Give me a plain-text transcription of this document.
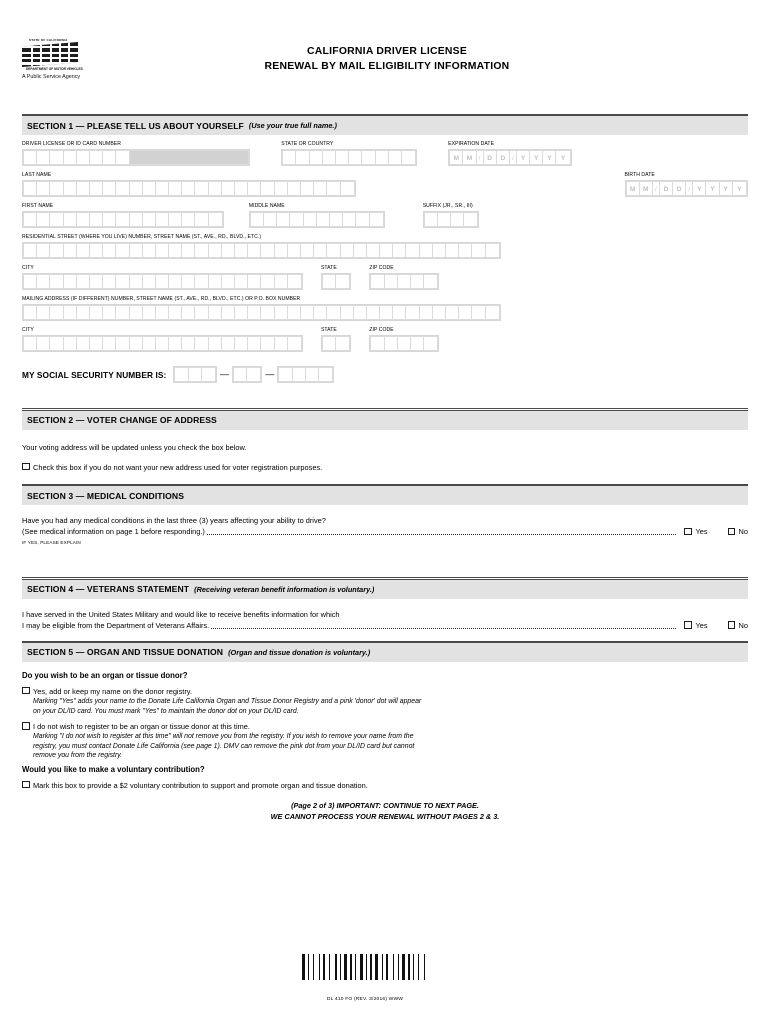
STATE OF CALIFORNIA
DEPARTMENT OF MOTOR VEHICLES
A Public Service Agency
CALIFORNIA DRIVER LICENSE
RENEWAL BY MAIL ELIGIBILITY INFORMATION
SECTION 1 — PLEASE TELL US ABOUT YOURSELF (Use your true full name.)
DRIVER LICENSE OR ID CARD NUMBER	STATE OR COUNTRY	EXPIRATION DATE
M	M /	D	D	/	Y	Y	Y	Y
LAST NAME	BIRTH DATE
M	M /	D	D	/	Y	Y	Y	Y
FIRST NAME	MIDDLE NAME	SUFFIX (JR., SR., III)
RESIDENTIAL STREET (WHERE YOU LIVE) NUMBER, STREET NAME (ST., AVE., RD., BLVD., ETC.)
CITY	STATE	ZIP CODE
MAILING ADDRESS (IF DIFFERENT) NUMBER, STREET NAME (ST., AVE., RD., BLVD., ETC.) OR P.O. BOX NUMBER
CITY	STATE	ZIP CODE
MY SOCIAL SECURITY NUMBER IS:	—	—
SECTION 2 — VOTER CHANGE OF ADDRESS
Your voting address will be updated unless you check the box below.
Check this box if you do not want your new address used for voter registration purposes.
SECTION 3 — MEDICAL CONDITIONS
Have you had any medical conditions in the last three (3) years affecting your ability to drive?
(See medical information on page 1 before responding.)	Yes	No
IF YES, PLEASE EXPLAIN
SECTION 4 — VETERANS STATEMENT (Receiving veteran benefit information is voluntary.)
I have served in the United States Military and would like to receive benefits information for which
I may be eligible from the Department of Veterans Affairs.	Yes	No
SECTION 5 — ORGAN AND TISSUE DONATION (Organ and tissue donation is voluntary.)
Do you wish to be an organ or tissue donor?
Yes, add or keep my name on the donor registry.
Marking "Yes" adds your name to the Donate Life California Organ and Tissue Donor Registry and a pink 'donor' dot will appear
on your DL/ID card. You must mark "Yes" to maintain the donor dot on your DL/ID card.
I do not wish to register to be an organ or tissue donor at this time.
Marking "I do not wish to register at this time" will not remove you from the registry. If you wish to remove your name from the
registry, you must contact Donate Life California (see page 1). DMV can remove the pink dot from your DL/ID card but cannot
remove you from the registry.
Would you like to make a voluntary contribution?
Mark this box to provide a $2 voluntary contribution to support and promote organ and tissue donation.
(Page 2 of 3) IMPORTANT: CONTINUE TO NEXT PAGE.
WE CANNOT PROCESS YOUR RENEWAL WITHOUT PAGES 2 & 3.
DL 410 FO (REV. 3/2016) WWW
